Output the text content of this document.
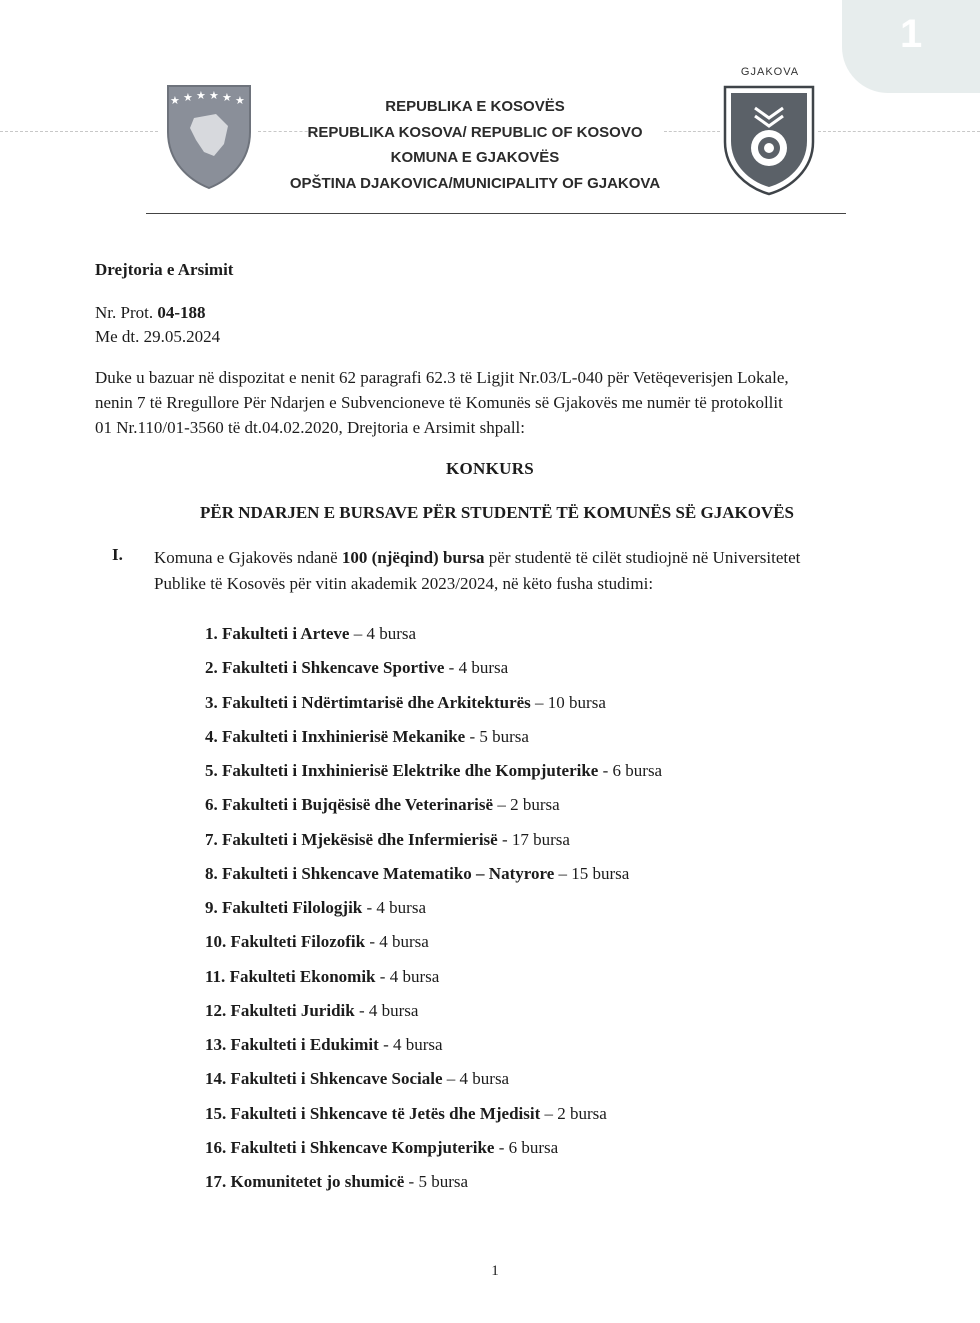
1
★ ★ ★ ★ ★ ★
GJAKOVA
REPUBLIKA E KOSOVËS
REPUBLIKA KOSOVA/ REPUBLIC OF KOSOVO
KOMUNA E GJAKOVËS
OPŠTINA DJAKOVICA/MUNICIPALITY OF GJAKOVA
Drejtoria e Arsimit
Nr. Prot. 04-188
Me dt. 29.05.2024
Duke u bazuar në dispozitat e nenit 62 paragrafi 62.3 të Ligjit Nr.03/L-040 për Vetëqeverisjen Lokale,
nenin 7 të Rregullore Për Ndarjen e Subvencioneve të Komunës së Gjakovës me numër të protokollit
01 Nr.110/01-3560 të dt.04.02.2020, Drejtoria e Arsimit shpall:
KONKURS
PËR NDARJEN E BURSAVE PËR STUDENTË TË KOMUNËS SË GJAKOVËS
I. Komuna e Gjakovës ndanë 100 (njëqind) bursa për studentë të cilët studiojnë në Universitetet
Publike të Kosovës për vitin akademik 2023/2024, në këto fusha studimi:
1. Fakulteti i Arteve – 4 bursa
2. Fakulteti i Shkencave Sportive - 4 bursa
3. Fakulteti i Ndërtimtarisë dhe Arkitekturës – 10 bursa
4. Fakulteti i Inxhinierisë Mekanike - 5 bursa
5. Fakulteti i Inxhinierisë Elektrike dhe Kompjuterike - 6 bursa
6. Fakulteti i Bujqësisë dhe Veterinarisë – 2 bursa
7. Fakulteti i Mjekësisë dhe Infermierisë - 17 bursa
8. Fakulteti i Shkencave Matematiko – Natyrore – 15 bursa
9. Fakulteti Filologjik - 4 bursa
10. Fakulteti Filozofik - 4 bursa
11. Fakulteti Ekonomik - 4 bursa
12. Fakulteti Juridik - 4 bursa
13. Fakulteti i Edukimit - 4 bursa
14. Fakulteti i Shkencave Sociale – 4 bursa
15. Fakulteti i Shkencave të Jetës dhe Mjedisit – 2 bursa
16. Fakulteti i Shkencave Kompjuterike - 6 bursa
17. Komunitetet jo shumicë - 5 bursa
1
